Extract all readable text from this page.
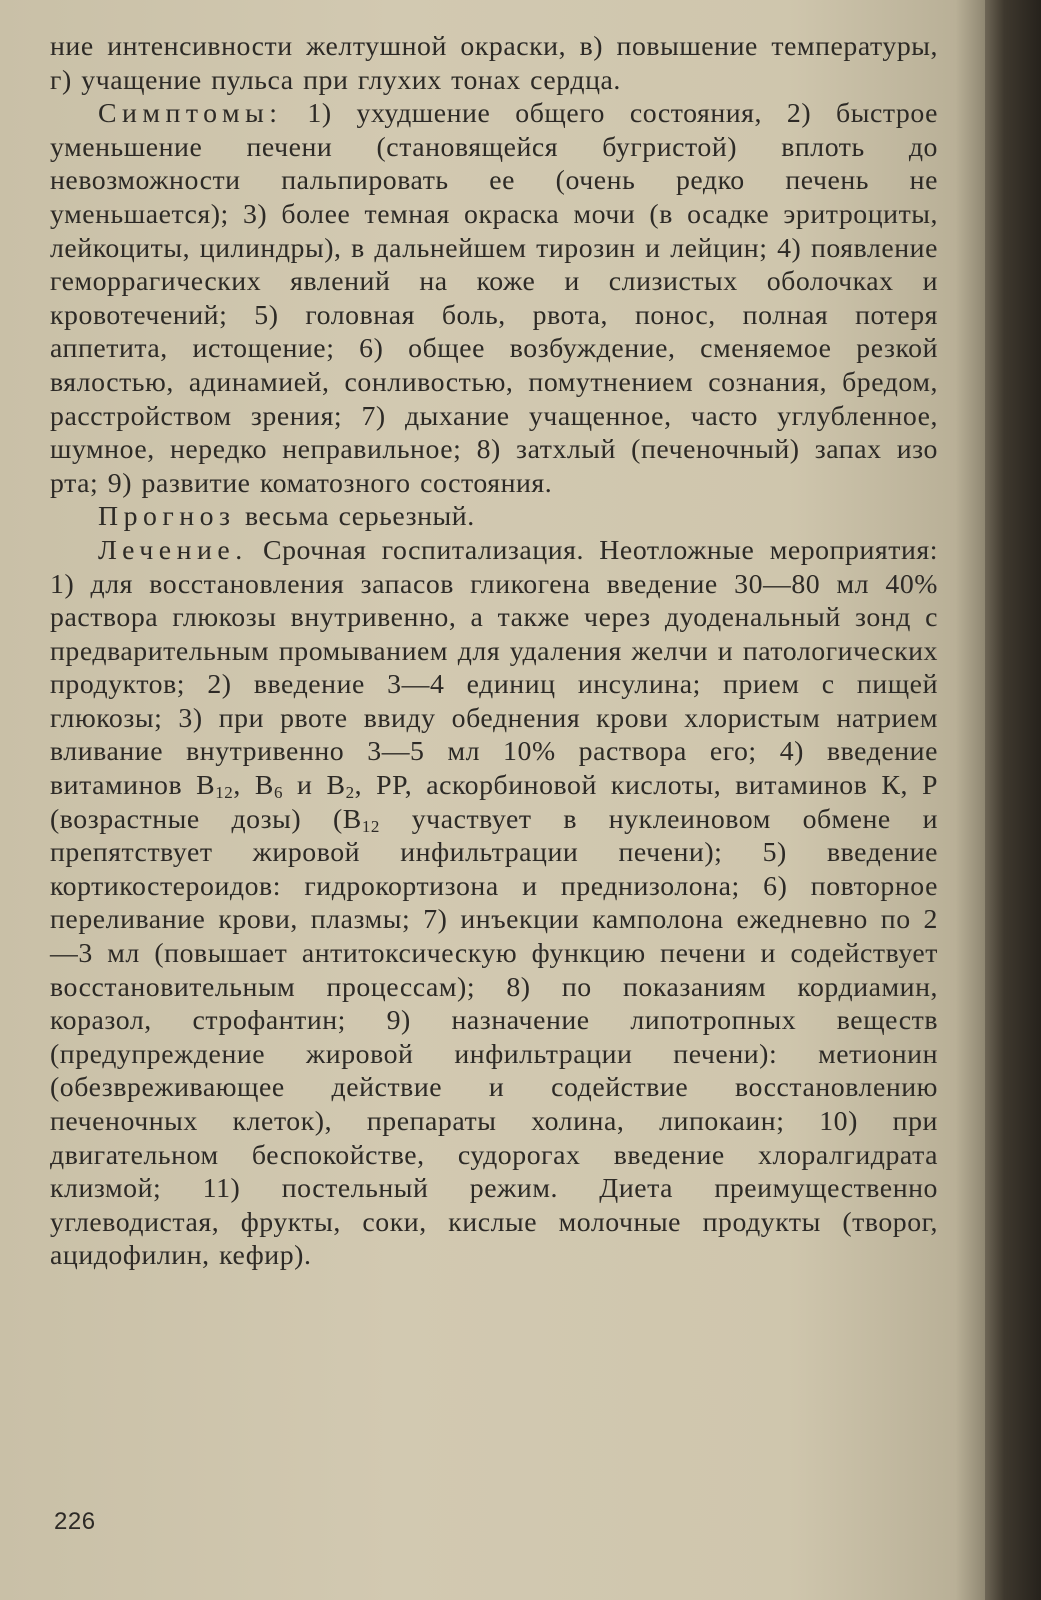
ние интенсивности желтушной окраски, в) повышение температуры, г) учащение пульса при глухих тонах сердца.

Симптомы: 1) ухудшение общего состояния, 2) быстрое уменьшение печени (становящейся бугристой) вплоть до невозможности пальпировать ее (очень редко печень не уменьшается); 3) более темная окраска мочи (в осадке эритроциты, лейкоциты, цилиндры), в дальнейшем тирозин и лейцин; 4) появление геморрагических явлений на коже и слизистых оболочках и кровотечений; 5) головная боль, рвота, понос, полная потеря аппетита, истощение; 6) общее возбуждение, сменяемое резкой вялостью, адинамией, сонливостью, помутнением сознания, бредом, расстройством зрения; 7) дыхание учащенное, часто углубленное, шумное, нередко неправильное; 8) затхлый (печеночный) запах изо рта; 9) развитие коматозного состояния.

Прогноз весьма серьезный.

Лечение. Срочная госпитализация. Неотложные мероприятия: 1) для восстановления запасов гликогена введение 30—80 мл 40% раствора глюкозы внутривенно, а также через дуоденальный зонд с предварительным промыванием для удаления желчи и патологических продуктов; 2) введение 3—4 единиц инсулина; прием с пищей глюкозы; 3) при рвоте ввиду обеднения крови хлористым натрием вливание внутривенно 3—5 мл 10% раствора его; 4) введение витаминов $В_{12}$, $В_6$ и $В_2$, РР, аскорбиновой кислоты, витаминов К, Р (возрастные дозы) ($В_{12}$ участвует в нуклеиновом обмене и препятствует жировой инфильтрации печени); 5) введение кортикостероидов: гидрокортизона и преднизолона; 6) повторное переливание крови, плазмы; 7) инъекции камполона ежедневно по 2—3 мл (повышает антитоксическую функцию печени и содействует восстановительным процессам); 8) по показаниям кордиамин, коразол, строфантин; 9) назначение липотропных веществ (предупреждение жировой инфильтрации печени): метионин (обезвреживающее действие и содействие восстановлению печеночных клеток), препараты холина, липокаин; 10) при двигательном беспокойстве, судорогах введение хлоралгидрата клизмой; 11) постельный режим. Диета преимущественно углеводистая, фрукты, соки, кислые молочные продукты (творог, ацидофилин, кефир).

226
